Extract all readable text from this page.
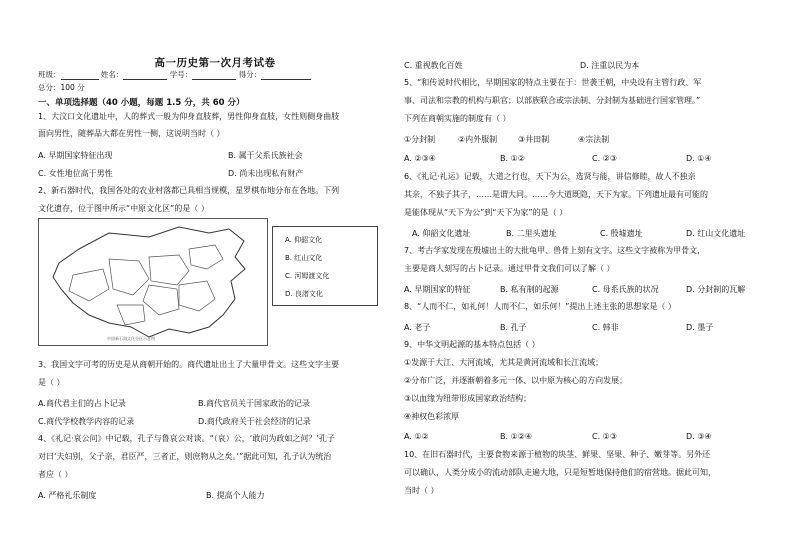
高一历史第一次月考试卷
班级：	姓名：	学号：	得分：
总分：100 分
一、单项选择题（40 小题，每题 1.5 分，共 60 分）
1、大汶口文化遗址中，人的葬式一般为仰身直肢葬，男性仰身直肢，女性则侧身曲肢
面向男性，随葬品大都在男性一侧，这说明当时（ ）
A. 早期国家特征出现	B. 属于父系氏族社会
C. 女性地位高于男性	D. 尚未出现私有财产
2、新石器时代，我国各处的农业村落都已具相当规模，星罗棋布地分布在各地。下列
文化遗存，位于图中所示“中原文化区”的是（ ）
中国新石器文化分区示意图
A. 仰韶文化
B. 红山文化
C. 河姆渡文化
D. 良渚文化
3、我国文字可考的历史是从商朝开始的。商代遗址出土了大量甲骨文。这些文字主要
是（ ）
A.商代君主们的占卜记录	B.商代官员关于国家政治的记录
C.商代学校教学内容的记录	D.商代政府关于社会经济的记录
4、《礼记·哀公问》中记载，孔子与鲁哀公对谈。“（哀）公，‘敢问为政如之何？’孔子
对曰‘夫妇别，父子亲，君臣严，三者正，则庶物从之矣。’”据此可知，孔子认为统治
者应（ ）
A. 严格礼乐制度	B. 提高个人能力
C. 重视教化百姓	D. 注重以民为本
5、“和传说时代相比，早期国家的特点主要在于：世袭王朝，中央设有主管行政、军
事、司法和宗教的机构与职官；以部族联合或宗法制、分封制为基础进行国家管理。”
下列在商朝实施的制度有（ ）
①分封制	②内外服制	③井田制	④宗法制
A. ②③④	B. ①②	C. ②③	D. ①④
6、《礼记·礼运》记载，大道之行也，天下为公，选贤与能，讲信修睦，故人不独亲
其亲，不独子其子，……是谓大同。……今大道既隐，天下为家。下列遗址最有可能的
是能体现从“天下为公”到“天下为家”的是（ ）
A. 仰韶文化遗址	B. 二里头遗址	C. 殷墟遗址	D. 红山文化遗址
7、考古学家发现在殷墟出土的大批龟甲、兽骨上刻有文字。这些文字被称为甲骨文，
主要是商人刻写的占卜记录。通过甲骨文我们可以了解（ ）
A. 早期国家的特征	B. 私有制的起源	C. 母系氏族的状况	D. 分封制的瓦解
8、“人而不仁，如礼何！人而不仁，如乐何！”提出上述主张的思想家是（ ）
A. 老子	B. 孔子	C. 韩非	D. 墨子
9、中华文明起源的基本特点包括（ ）
①发源于大江、大河流域，尤其是黄河流域和长江流域；
②分布广泛，并逐渐朝着多元一体、以中原为核心的方向发展；
③以血缘为纽带形成国家政治结构；
④神权色彩浓厚
A. ①②	B. ①②④	C. ①③	D. ③④
10、在旧石器时代，主要食物来源于植物的块茎、鲜果、坚果、种子、嫩芽等。另外还
可以确认，人类分成小的流动部队走遍大地，只是短暂地保持他们的宿营地。据此可知，
当时（ ）
